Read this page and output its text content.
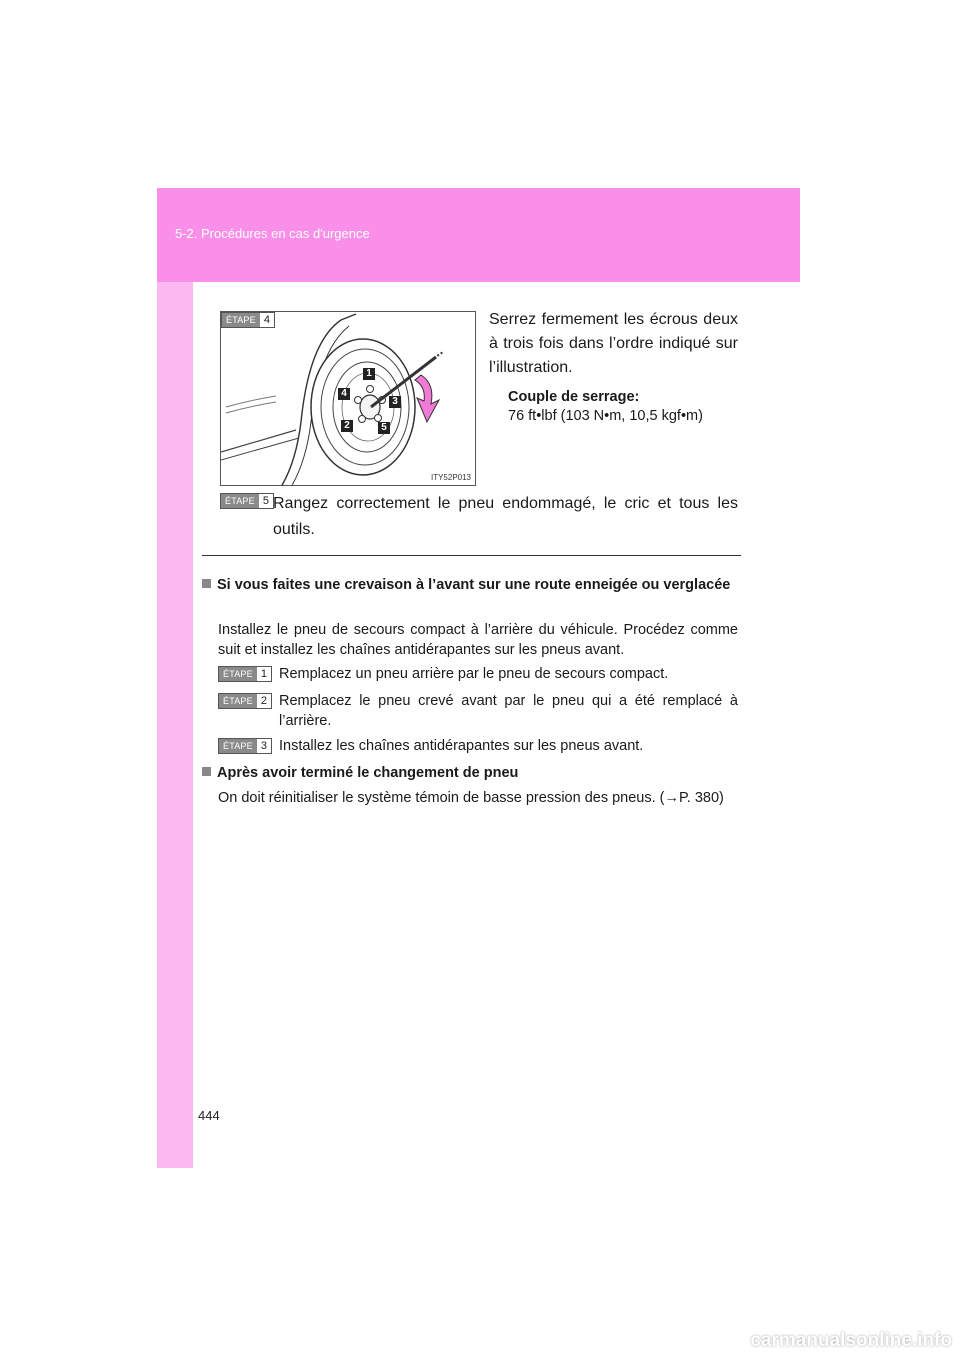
5-2. Procédures en cas d'urgence
ÉTAPE 4
1
2
3
4
5
ITY52P013
Serrez fermement les écrous deux à trois fois dans l’ordre indiqué sur l’illustration.
Couple de serrage:
76 ft•lbf (103 N•m, 10,5 kgf•m)
ÉTAPE 5 Rangez correctement le pneu endommagé, le cric et tous les outils.
Si vous faites une crevaison à l’avant sur une route enneigée ou verglacée
Installez le pneu de secours compact à l’arrière du véhicule. Procédez comme suit et installez les chaînes antidérapantes sur les pneus avant.
ÉTAPE 1 Remplacez un pneu arrière par le pneu de secours compact.
ÉTAPE 2 Remplacez le pneu crevé avant par le pneu qui a été remplacé à l’arrière.
ÉTAPE 3 Installez les chaînes antidérapantes sur les pneus avant.
Après avoir terminé le changement de pneu
On doit réinitialiser le système témoin de basse pression des pneus. (→P. 380)
444
carmanualsonline.info
